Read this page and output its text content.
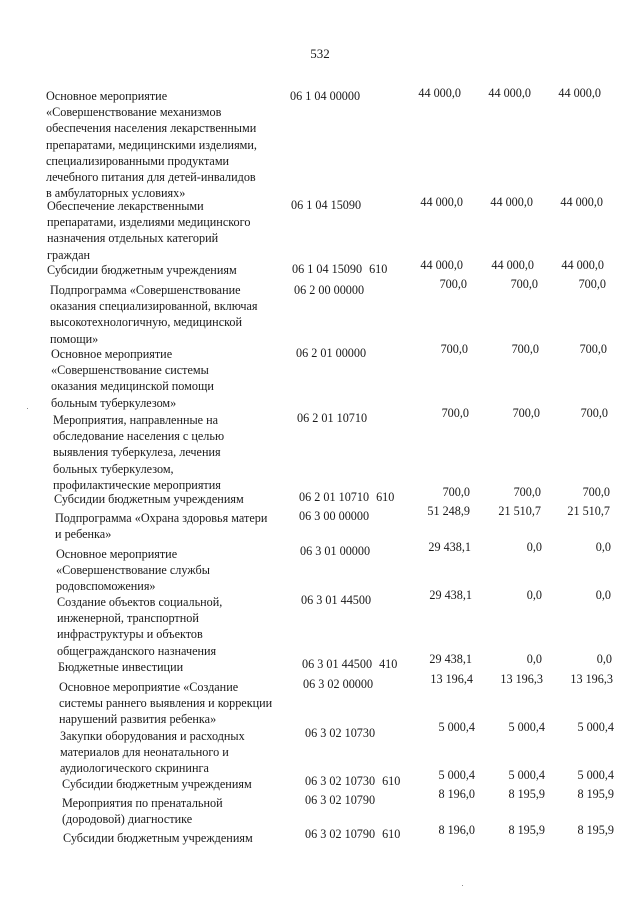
532
Основное мероприятие
«Совершенствование механизмов
обеспечения населения лекарственными
препаратами, медицинскими изделиями,
специализированными продуктами
лечебного питания для детей-инвалидов
в амбулаторных условиях»
06 1 04 00000	44 000,0	44 000,0	44 000,0
Обеспечение лекарственными
препаратами, изделиями медицинского
назначения отдельных категорий
граждан
06 1 04 15090	44 000,0	44 000,0	44 000,0
Субсидии бюджетным учреждениям	06 1 04 15090 610	44 000,0	44 000,0	44 000,0
Подпрограмма «Совершенствование
оказания специализированной, включая
высокотехнологичную, медицинской
помощи»
06 2 00 00000	700,0	700,0	700,0
Основное мероприятие
«Совершенствование системы
оказания медицинской помощи
больным туберкулезом»
06 2 01 00000	700,0	700,0	700,0
Мероприятия, направленные на
обследование населения с целью
выявления туберкулеза, лечения
больных туберкулезом,
профилактические мероприятия
06 2 01 10710	700,0	700,0	700,0
Субсидии бюджетным учреждениям	06 2 01 10710 610	700,0	700,0	700,0
Подпрограмма «Охрана здоровья матери
и ребенка»
06 3 00 00000	51 248,9	21 510,7	21 510,7
Основное мероприятие
«Совершенствование службы
родовспоможения»
06 3 01 00000	29 438,1	0,0	0,0
Создание объектов социальной,
инженерной, транспортной
инфраструктуры и объектов
общегражданского назначения
06 3 01 44500	29 438,1	0,0	0,0
Бюджетные инвестиции	06 3 01 44500 410	29 438,1	0,0	0,0
Основное мероприятие «Создание
системы раннего выявления и коррекции
нарушений развития ребенка»
06 3 02 00000	13 196,4	13 196,3	13 196,3
Закупки оборудования и расходных
материалов для неонатального и
аудиологического скрининга
06 3 02 10730	5 000,4	5 000,4	5 000,4
Субсидии бюджетным учреждениям	06 3 02 10730 610	5 000,4	5 000,4	5 000,4
Мероприятия по пренатальной
(дородовой) диагностике
06 3 02 10790	8 196,0	8 195,9	8 195,9
Субсидии бюджетным учреждениям	06 3 02 10790 610	8 196,0	8 195,9	8 195,9
